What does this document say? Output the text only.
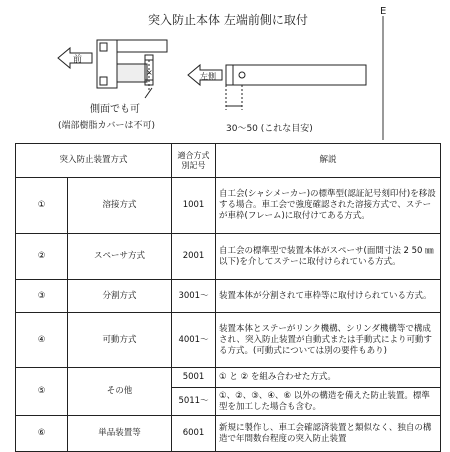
突入防止本体 左端前側に取付
E
前
×
側面でも可
(端部樹脂カバーは不可)
左側
30〜50 (これな目安)
突入防止装置方式		適合方式別記号	解説
①	溶接方式	1001	自工会(シャシメーカー)の標準型(認証記号刻印付)を移設する場合。車工会で強度確認された溶接方式で、ステーが車枠(フレーム)に取付けてある方式。
②	スペーサ方式	2001	自工会の標準型で装置本体がスペーサ(面間寸法 2 50 ㎜ 以下)を介してステーに取付けられている方式。
③	分割方式	3001〜	装置本体が分割されて車枠等に取付けられている方式。
④	可動方式	4001〜	装置本体とステーがリンク機構、シリンダ機構等で構成され、突入防止装置が自動式または手動式により可動する方式。(可動式については別の要件もあり)
⑤	その他	5001	① と ② を組み合わせた方式。
		5011〜	①、②、③、④、⑥ 以外の構造を備えた防止装置。標準型を加工した場合も含む。
⑥	単品装置等	6001	新規に製作し、車工会確認済装置と類似なく、独自の構造で年間数台程度の突入防止装置
